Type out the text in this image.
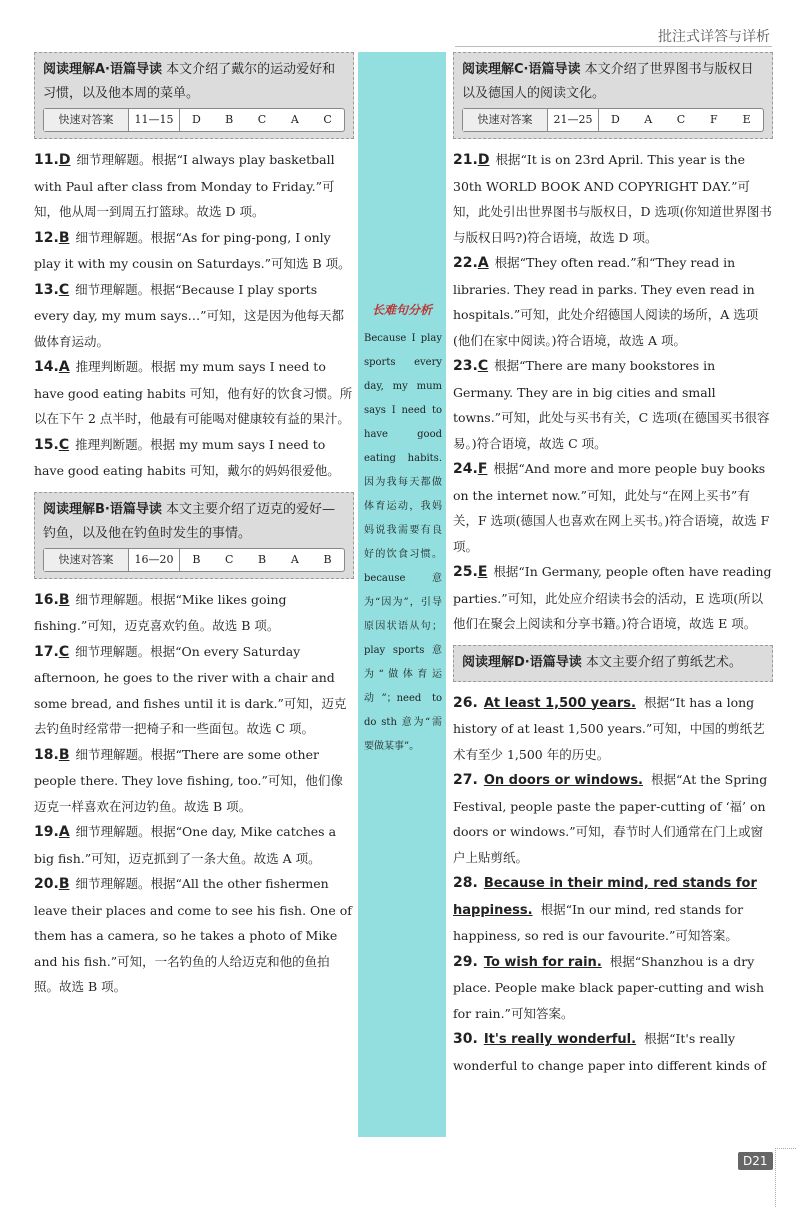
批注式详答与详析
长难句分析
Because I play sports every day, my mum says I need to have good eating habits. 因为我每天都做体育运动，我妈妈说我需要有良好的饮食习惯。because 意为“因为”，引导原因状语从句；play sports 意为“做体育运动”；need to do sth 意为“需要做某事”。
阅读理解A·语篇导读 本文介绍了戴尔的运动爱好和习惯，以及他本周的菜单。
快速对答案	11—15	D	B	C	A	C
11.D 细节理解题。根据“I always play basketball with Paul after class from Monday to Friday.”可知，他从周一到周五打篮球。故选 D 项。
12.B 细节理解题。根据“As for ping-pong, I only play it with my cousin on Saturdays.”可知选 B 项。
13.C 细节理解题。根据“Because I play sports every day, my mum says…”可知，这是因为他每天都做体育运动。
14.A 推理判断题。根据 my mum says I need to have good eating habits 可知，他有好的饮食习惯。所以在下午 2 点半时，他最有可能喝对健康较有益的果汁。
15.C 推理判断题。根据 my mum says I need to have good eating habits 可知，戴尔的妈妈很爱他。
阅读理解B·语篇导读 本文主要介绍了迈克的爱好—钓鱼，以及他在钓鱼时发生的事情。
快速对答案	16—20	B	C	B	A	B
16.B 细节理解题。根据“Mike likes going fishing.”可知，迈克喜欢钓鱼。故选 B 项。
17.C 细节理解题。根据“On every Saturday afternoon, he goes to the river with a chair and some bread, and fishes until it is dark.”可知，迈克去钓鱼时经常带一把椅子和一些面包。故选 C 项。
18.B 细节理解题。根据“There are some other people there. They love fishing, too.”可知，他们像迈克一样喜欢在河边钓鱼。故选 B 项。
19.A 细节理解题。根据“One day, Mike catches a big fish.”可知，迈克抓到了一条大鱼。故选 A 项。
20.B 细节理解题。根据“All the other fishermen leave their places and come to see his fish. One of them has a camera, so he takes a photo of Mike and his fish.”可知，一名钓鱼的人给迈克和他的鱼拍照。故选 B 项。
阅读理解C·语篇导读 本文介绍了世界图书与版权日以及德国人的阅读文化。
快速对答案	21—25	D	A	C	F	E
21.D 根据“It is on 23rd April. This year is the 30th WORLD BOOK AND COPYRIGHT DAY.”可知，此处引出世界图书与版权日，D 选项(你知道世界图书与版权日吗?)符合语境，故选 D 项。
22.A 根据“They often read.”和“They read in libraries. They read in parks. They even read in hospitals.”可知，此处介绍德国人阅读的场所，A 选项(他们在家中阅读。)符合语境，故选 A 项。
23.C 根据“There are many bookstores in Germany. They are in big cities and small towns.”可知，此处与买书有关，C 选项(在德国买书很容易。)符合语境，故选 C 项。
24.F 根据“And more and more people buy books on the internet now.”可知，此处与“在网上买书”有关，F 选项(德国人也喜欢在网上买书。)符合语境，故选 F 项。
25.E 根据“In Germany, people often have reading parties.”可知，此处应介绍读书会的活动，E 选项(所以他们在聚会上阅读和分享书籍。)符合语境，故选 E 项。
阅读理解D·语篇导读 本文主要介绍了剪纸艺术。
26. At least 1,500 years. 根据“It has a long history of at least 1,500 years.”可知，中国的剪纸艺术有至少 1,500 年的历史。
27. On doors or windows. 根据“At the Spring Festival, people paste the paper-cutting of ‘福’ on doors or windows.”可知，春节时人们通常在门上或窗户上贴剪纸。
28. Because in their mind, red stands for happiness. 根据“In our mind, red stands for happiness, so red is our favourite.”可知答案。
29. To wish for rain. 根据“Shanzhou is a dry place. People make black paper-cutting and wish for rain.”可知答案。
30. It's really wonderful. 根据“It's really wonderful to change paper into different kinds of
D21
